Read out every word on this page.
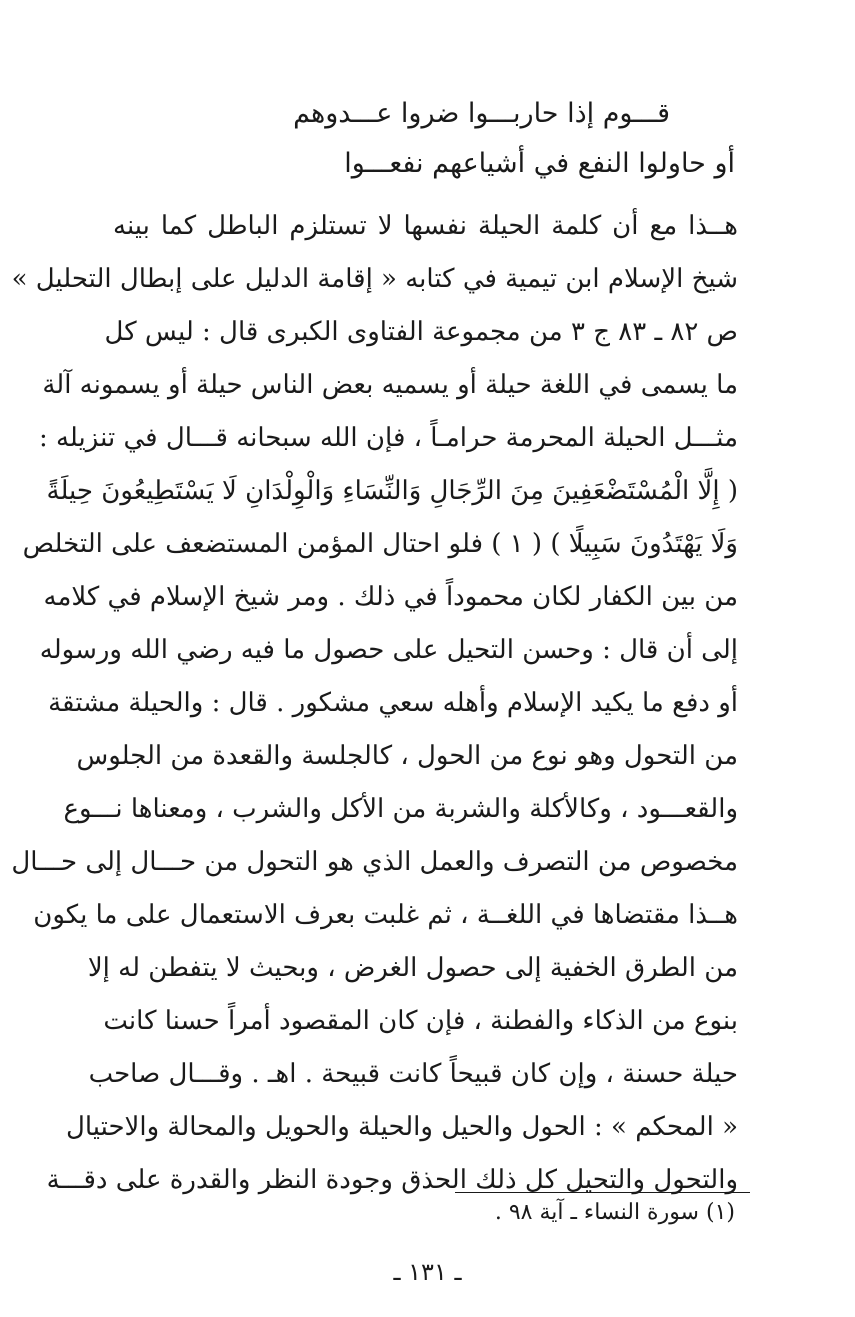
قـــوم إذا حاربـــوا ضروا عـــدوهم
أو حاولوا النفع في أشياعهم نفعـــوا
هــذا مع أن كلمة الحيلة نفسها لا تستلزم الباطل كما بينه
شيخ الإسلام ابن تيمية في كتابه « إقامة الدليل على إبطال التحليل »
ص ٨٢ ـ ٨٣ ج ٣ من مجموعة الفتاوى الكبرى قال : ليس كل
ما يسمى في اللغة حيلة أو يسميه بعض الناس حيلة أو يسمونه آلة
مثـــل الحيلة المحرمة حرامـاً ، فإن الله سبحانه قـــال في تنزيله :
( إِلَّا الْمُسْتَضْعَفِينَ مِنَ الرِّجَالِ وَالنِّسَاءِ وَالْوِلْدَانِ لَا يَسْتَطِيعُونَ حِيلَةً
وَلَا يَهْتَدُونَ سَبِيلًا ) ( ١ ) فلو احتال المؤمن المستضعف على التخلص
من بين الكفار لكان محموداً في ذلك . ومر شيخ الإسلام في كلامه
إلى أن قال : وحسن التحيل على حصول ما فيه رضي الله ورسوله
أو دفع ما يكيد الإسلام وأهله سعي مشكور . قال : والحيلة مشتقة
من التحول وهو نوع من الحول ، كالجلسة والقعدة من الجلوس
والقعـــود ، وكالأكلة والشربة من الأكل والشرب ، ومعناها نـــوع
مخصوص من التصرف والعمل الذي هو التحول من حـــال إلى حـــال
هــذا مقتضاها في اللغــة ، ثم غلبت بعرف الاستعمال على ما يكون
من الطرق الخفية إلى حصول الغرض ، وبحيث لا يتفطن له إلا
بنوع من الذكاء والفطنة ، فإن كان المقصود أمراً حسنا كانت
حيلة حسنة ، وإن كان قبيحاً كانت قبيحة . اهـ . وقـــال صاحب
« المحكم » : الحول والحيل والحيلة والحويل والمحالة والاحتيال
والتحول والتحيل كل ذلك الحذق وجودة النظر والقدرة على دقـــة
(١) سورة النساء ـ آية ٩٨ .
ـ ١٣١ ـ
